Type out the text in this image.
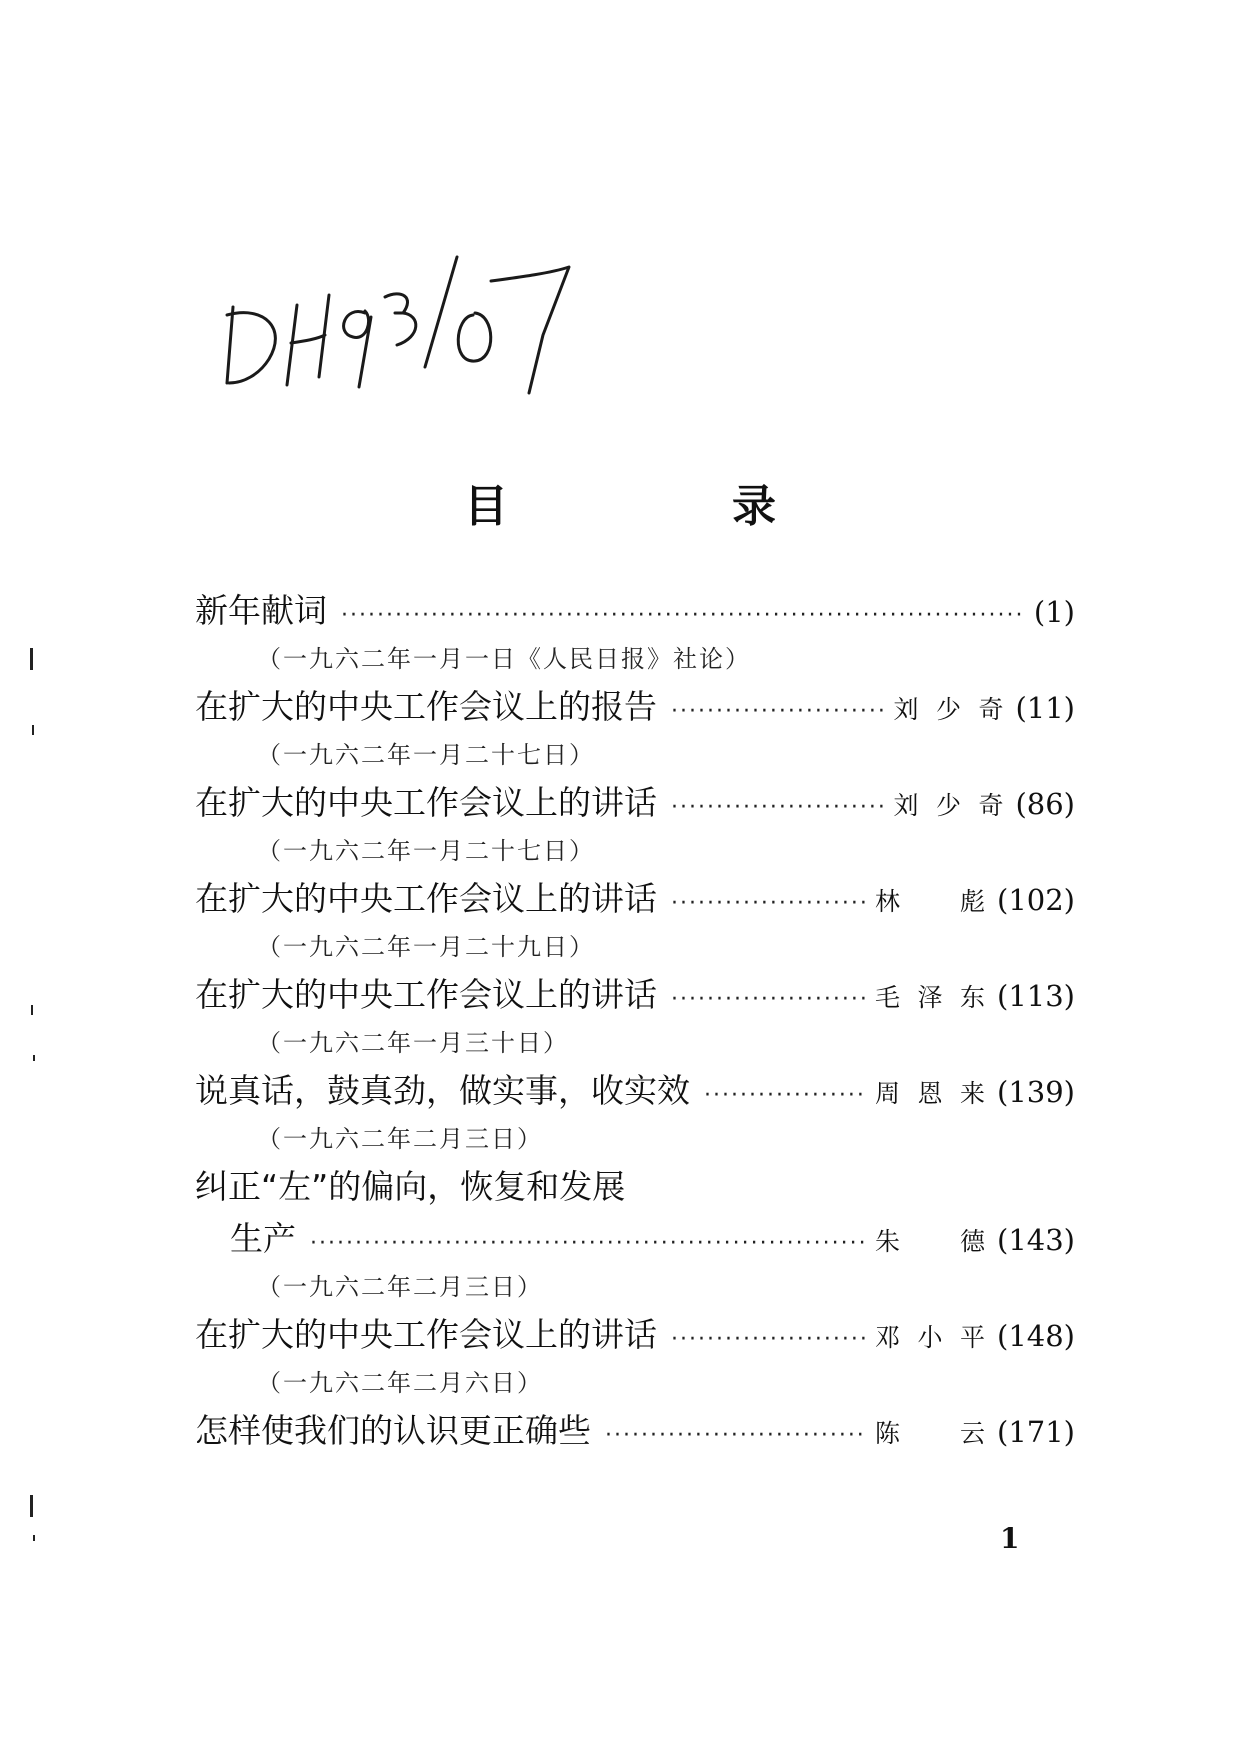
目　录
新年献词 ·····	(1)
（一九六二年一月一日《人民日报》社论）
在扩大的中央工作会议上的报告 ·····	刘少奇 (11)
（一九六二年一月二十七日）
在扩大的中央工作会议上的讲话 ·····	刘少奇 (86)
（一九六二年一月二十七日）
在扩大的中央工作会议上的讲话 ·····	林　彪 (102)
（一九六二年一月二十九日）
在扩大的中央工作会议上的讲话 ·····	毛泽东 (113)
（一九六二年一月三十日）
说真话，鼓真劲，做实事，收实效 ·····	周恩来 (139)
（一九六二年二月三日）
纠正“左”的偏向，恢复和发展
生产 ·····	朱　德 (143)
（一九六二年二月三日）
在扩大的中央工作会议上的讲话 ·····	邓小平 (148)
（一九六二年二月六日）
怎样使我们的认识更正确些 ·····	陈　云 (171)
1
